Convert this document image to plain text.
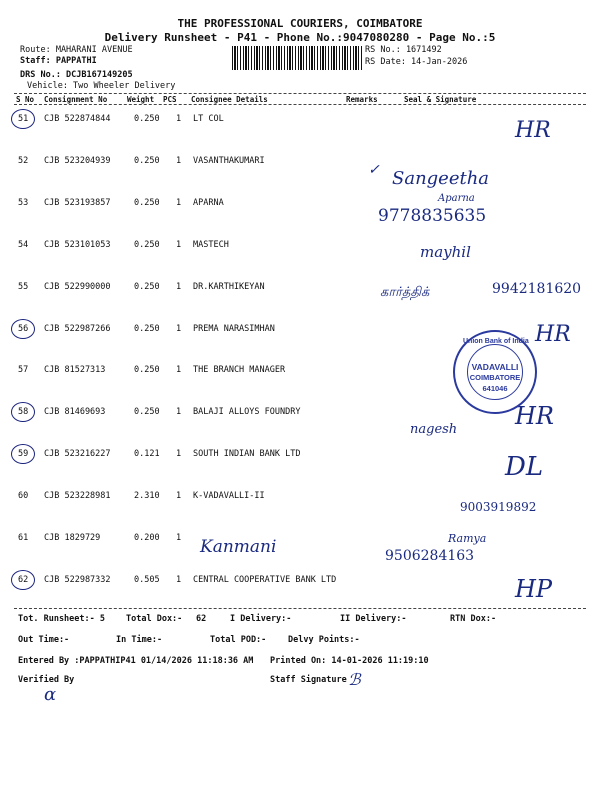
THE PROFESSIONAL COURIERS, COIMBATORE
Delivery Runsheet - P41 - Phone No.:9047080280 - Page No.:5
Route: MAHARANI AVENUE
Staff: PAPPATHI
DRS No.: DCJB167149205
Vehicle: Two Wheeler Delivery
RS No.: 1671492
RS Date: 14-Jan-2026
S No Consignment No	Weight PCS Consignee Details	Remarks	Seal & Signature
51 CJB 522874844	0.250 1 LT COL
52 CJB 523204939	0.250 1 VASANTHAKUMARI
53 CJB 523193857	0.250 1 APARNA
54 CJB 523101053	0.250 1 MASTECH
55 CJB 522990000	0.250 1 DR.KARTHIKEYAN
56 CJB 522987266	0.250 1 PREMA NARASIMHAN
57 CJB 81527313	0.250 1 THE BRANCH MANAGER
58 CJB 81469693	0.250 1 BALAJI ALLOYS FOUNDRY
59 CJB 523216227	0.121 1 SOUTH INDIAN BANK LTD
60 CJB 523228981	2.310 1 K-VADAVALLI-II
61 CJB 1829729	0.200 1
62 CJB 522987332	0.505 1 CENTRAL COOPERATIVE BANK LTD
HR
✓ Sangeetha
Aparna
9778835635
mayhil
கார்த்திக்	9942181620
HR
nagesh HR
DL
9003919892
Kanmani	Ramya
9506284163
HP
Union Bank of India
VADAVALLI
COIMBATORE
641046
Tot. Runsheet:- 5 Total Dox:- 62	I Delivery:-	II Delivery:-	RTN Dox:-
Out Time:-	In Time:-	Total POD:-	Delvy Points:-
Entered By :PAPPATHIP41 01/14/2026 11:18:36 AM Printed On: 14-01-2026 11:19:10
Verified By
ɑ
Staff Signature ℬ
